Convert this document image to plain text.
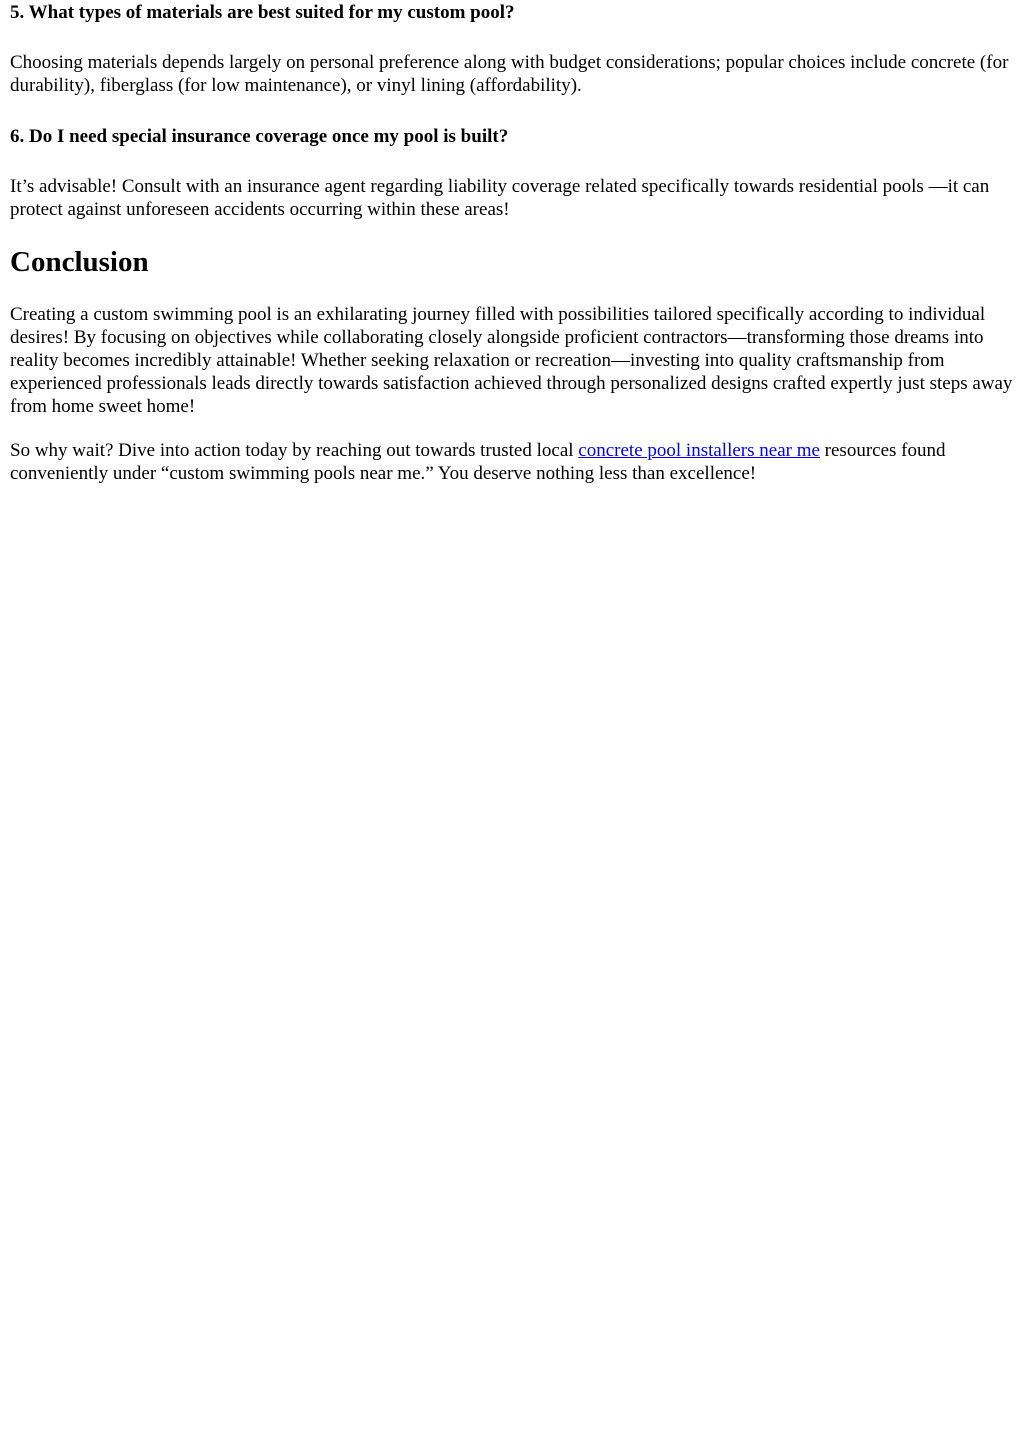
5. What types of materials are best suited for my custom pool?

Choosing materials depends largely on personal preference along with budget considerations; popular choices include concrete (for durability), fiberglass (for low maintenance), or vinyl lining (affordability).

6. Do I need special insurance coverage once my pool is built?

It’s advisable! Consult with an insurance agent regarding liability coverage related specifically towards residential pools —it can protect against unforeseen accidents occurring within these areas!

Conclusion

Creating a custom swimming pool is an exhilarating journey filled with possibilities tailored specifically according to individual desires! By focusing on objectives while collaborating closely alongside proficient contractors—transforming those dreams into reality becomes incredibly attainable! Whether seeking relaxation or recreation—investing into quality craftsmanship from experienced professionals leads directly towards satisfaction achieved through personalized designs crafted expertly just steps away from home sweet home!

So why wait? Dive into action today by reaching out towards trusted local concrete pool installers near me resources found conveniently under “custom swimming pools near me.” You deserve nothing less than excellence!
